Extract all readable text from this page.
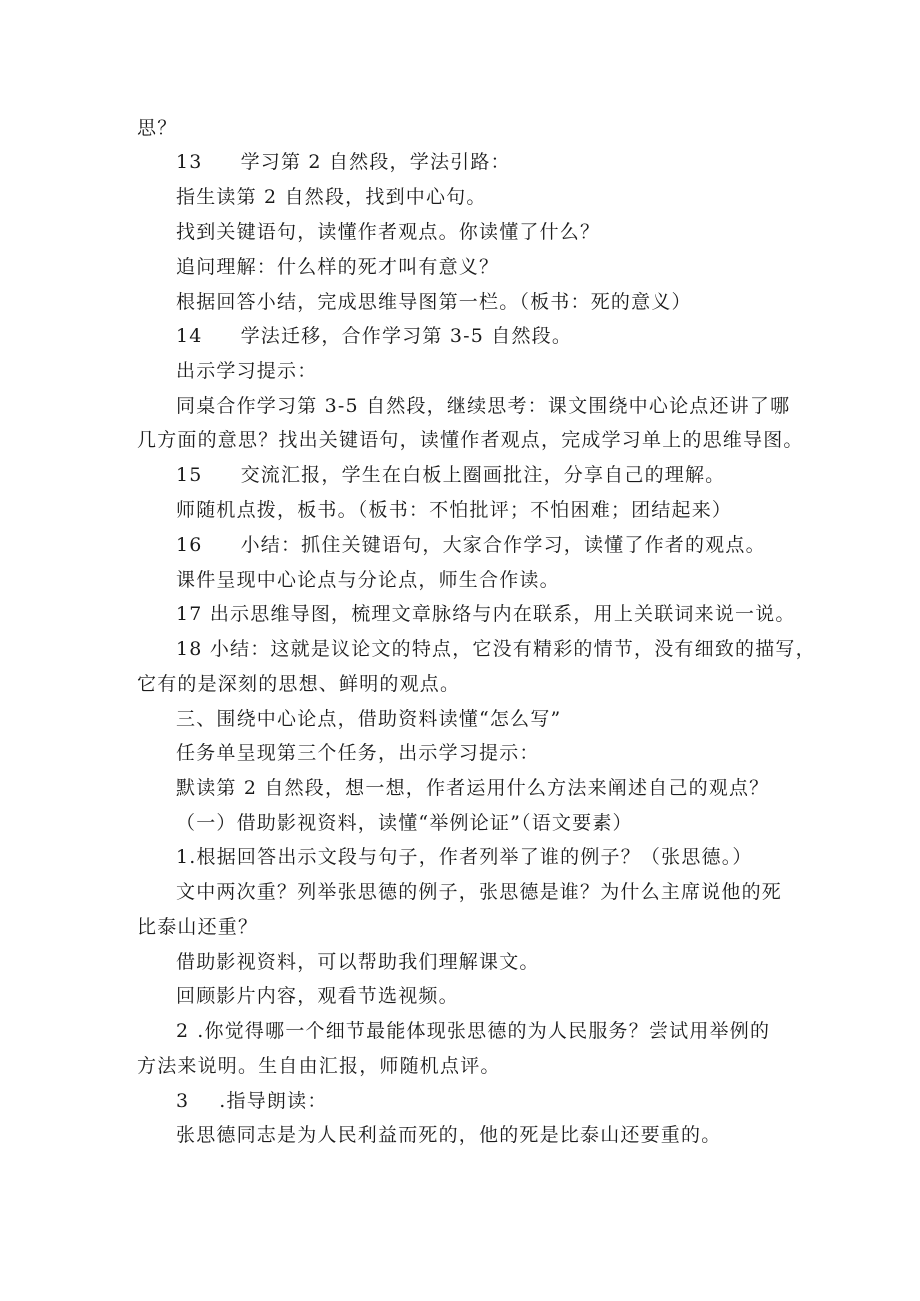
思？
13 学习第 2 自然段，学法引路：
指生读第 2 自然段，找到中心句。
找到关键语句，读懂作者观点。你读懂了什么？
追问理解：什么样的死才叫有意义？
根据回答小结，完成思维导图第一栏。（板书：死的意义）
14 学法迁移，合作学习第 3-5 自然段。
出示学习提示：
同桌合作学习第 3-5 自然段，继续思考：课文围绕中心论点还讲了哪
几方面的意思？找出关键语句，读懂作者观点，完成学习单上的思维导图。
15 交流汇报，学生在白板上圈画批注，分享自己的理解。
师随机点拨，板书。（板书：不怕批评；不怕困难；团结起来）
16 小结：抓住关键语句，大家合作学习，读懂了作者的观点。
课件呈现中心论点与分论点，师生合作读。
17 出示思维导图，梳理文章脉络与内在联系，用上关联词来说一说。
18 小结：这就是议论文的特点，它没有精彩的情节，没有细致的描写，
它有的是深刻的思想、鲜明的观点。
三、围绕中心论点，借助资料读懂“怎么写”
任务单呈现第三个任务，出示学习提示：
默读第 2 自然段，想一想，作者运用什么方法来阐述自己的观点？
（一）借助影视资料，读懂“举例论证”（语文要素）
1.根据回答出示文段与句子，作者列举了谁的例子？（张思德。）
文中两次重？列举张思德的例子，张思德是谁？为什么主席说他的死
比泰山还重？
借助影视资料，可以帮助我们理解课文。
回顾影片内容，观看节选视频。
2 .你觉得哪一个细节最能体现张思德的为人民服务？尝试用举例的
方法来说明。生自由汇报，师随机点评。
3 .指导朗读：
张思德同志是为人民利益而死的，他的死是比泰山还要重的。
